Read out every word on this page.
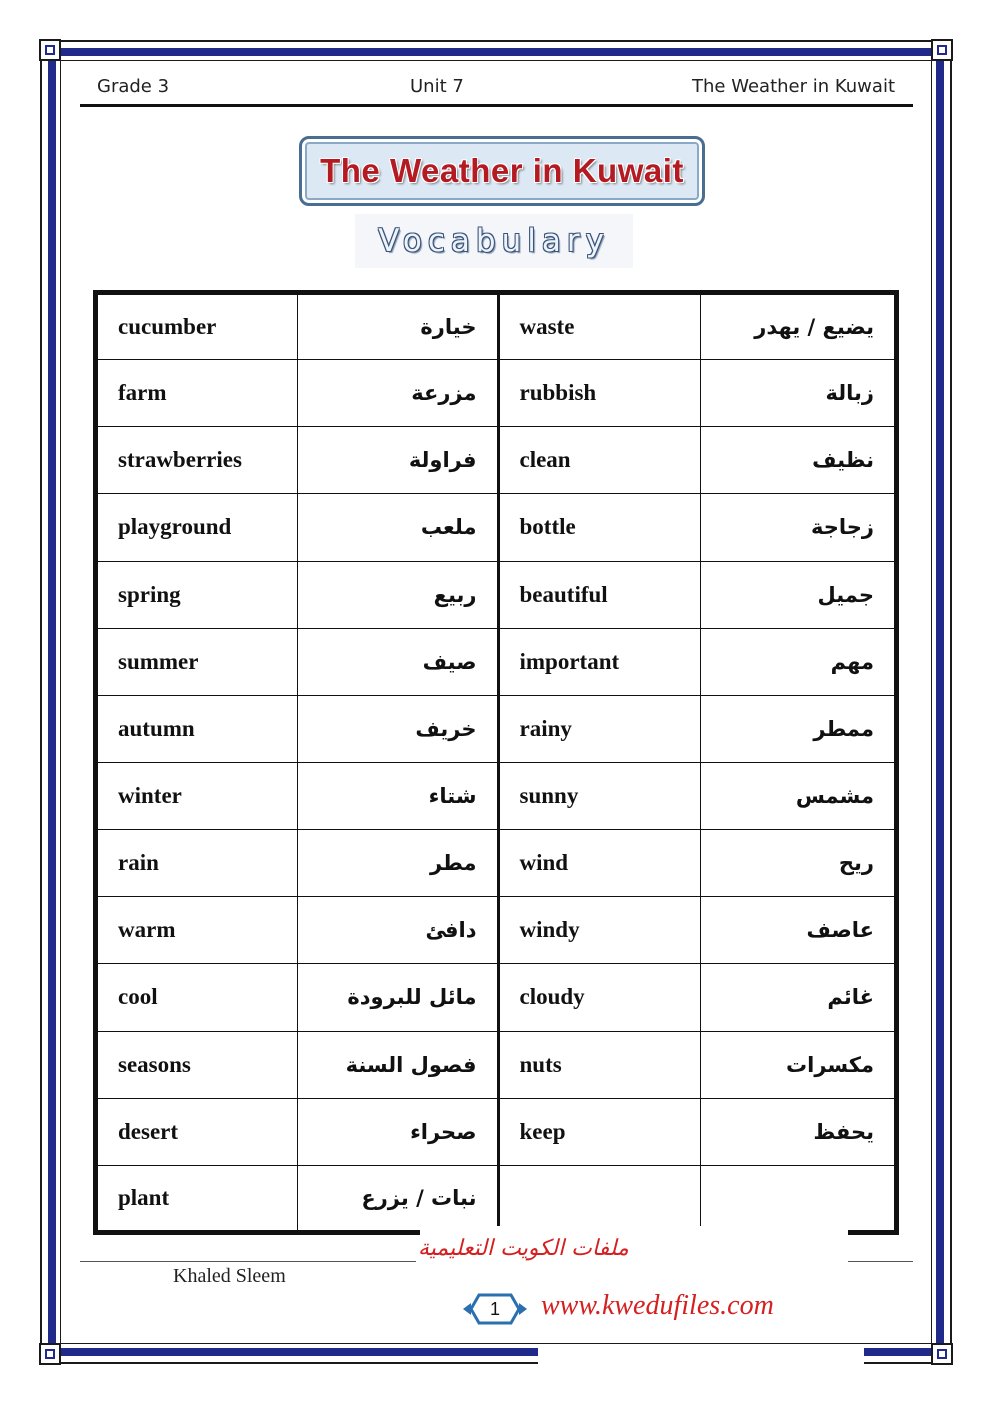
Grade 3	Unit 7	The Weather in Kuwait
The Weather in Kuwait
Vocabulary
cucumber	خيارة	waste	يضيع / يهدر
farm	مزرعة	rubbish	زبالة
strawberries	فراولة	clean	نظيف
playground	ملعب	bottle	زجاجة
spring	ربيع	beautiful	جميل
summer	صيف	important	مهم
autumn	خريف	rainy	ممطر
winter	شتاء	sunny	مشمس
rain	مطر	wind	ريح
warm	دافئ	windy	عاصف
cool	مائل للبرودة	cloudy	غائم
seasons	فصول السنة	nuts	مكسرات
desert	صحراء	keep	يحفظ
plant	نبات / يزرع		
Khaled Sleem
ملفات الكويت التعليمية
1	www.kwedufiles.com
